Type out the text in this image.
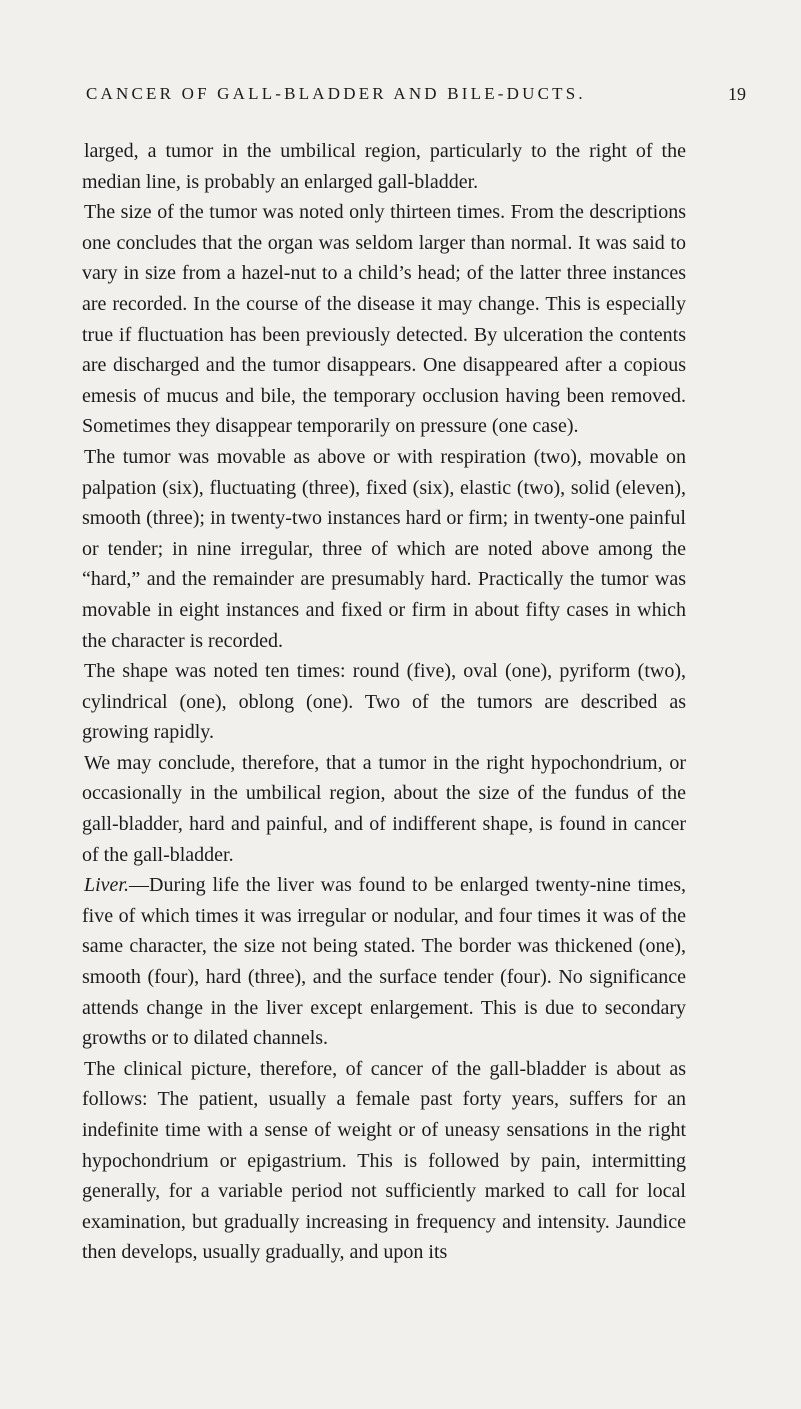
CANCER OF GALL-BLADDER AND BILE-DUCTS.	19

larged, a tumor in the umbilical region, particularly to the right of the median line, is probably an enlarged gall-bladder.

The size of the tumor was noted only thirteen times. From the descriptions one concludes that the organ was seldom larger than normal. It was said to vary in size from a hazel-nut to a child’s head; of the latter three instances are recorded. In the course of the disease it may change. This is especially true if fluctuation has been previously detected. By ulceration the contents are discharged and the tumor disappears. One disappeared after a copious emesis of mucus and bile, the temporary occlusion having been removed. Sometimes they disappear temporarily on pressure (one case).

The tumor was movable as above or with respiration (two), movable on palpation (six), fluctuating (three), fixed (six), elastic (two), solid (eleven), smooth (three); in twenty-two instances hard or firm; in twenty-one painful or tender; in nine irregular, three of which are noted above among the “hard,” and the remainder are presumably hard. Practically the tumor was movable in eight instances and fixed or firm in about fifty cases in which the character is recorded.

The shape was noted ten times: round (five), oval (one), pyriform (two), cylindrical (one), oblong (one). Two of the tumors are described as growing rapidly.

We may conclude, therefore, that a tumor in the right hypochondrium, or occasionally in the umbilical region, about the size of the fundus of the gall-bladder, hard and painful, and of indifferent shape, is found in cancer of the gall-bladder.

Liver.—During life the liver was found to be enlarged twenty-nine times, five of which times it was irregular or nodular, and four times it was of the same character, the size not being stated. The border was thickened (one), smooth (four), hard (three), and the surface tender (four). No significance attends change in the liver except enlargement. This is due to secondary growths or to dilated channels.

The clinical picture, therefore, of cancer of the gall-bladder is about as follows: The patient, usually a female past forty years, suffers for an indefinite time with a sense of weight or of uneasy sensations in the right hypochondrium or epigastrium. This is followed by pain, intermitting generally, for a variable period not sufficiently marked to call for local examination, but gradually increasing in frequency and intensity. Jaundice then develops, usually gradually, and upon its
